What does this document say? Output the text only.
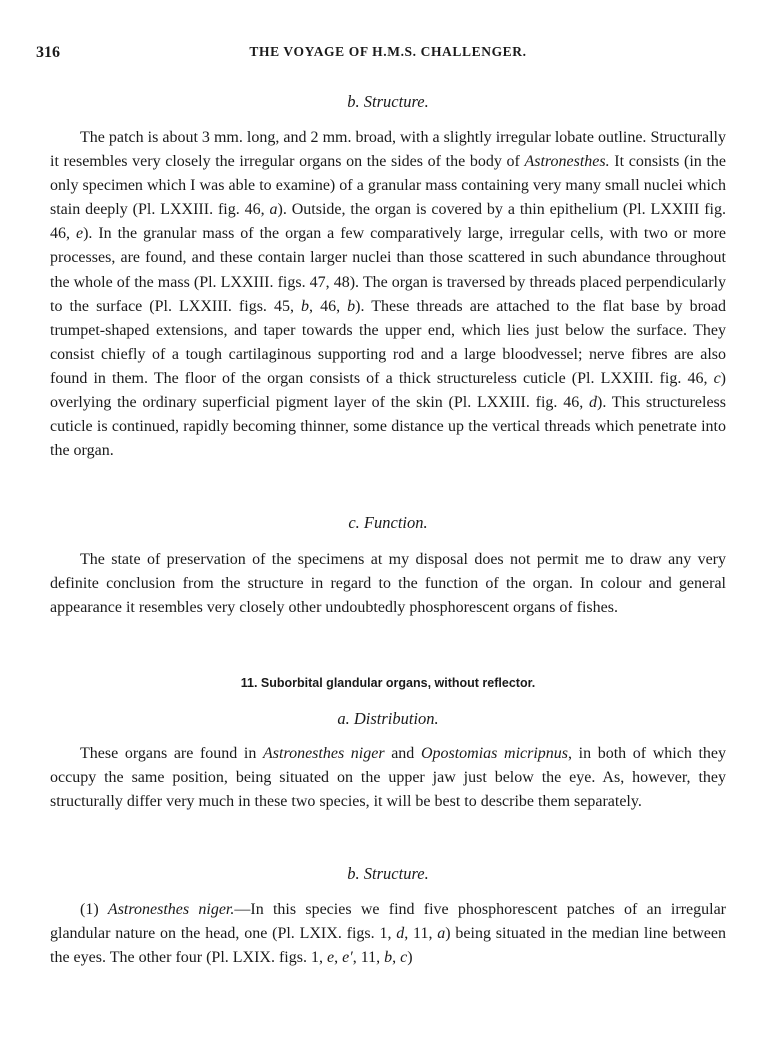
316	THE VOYAGE OF H.M.S. CHALLENGER.
b. Structure.

The patch is about 3 mm. long, and 2 mm. broad, with a slightly irregular lobate outline. Structurally it resembles very closely the irregular organs on the sides of the body of Astronesthes. It consists (in the only specimen which I was able to examine) of a granular mass containing very many small nuclei which stain deeply (Pl. LXXIII. fig. 46, a). Outside, the organ is covered by a thin epithelium (Pl. LXXIII fig. 46, e). In the granular mass of the organ a few comparatively large, irregular cells, with two or more processes, are found, and these contain larger nuclei than those scattered in such abundance throughout the whole of the mass (Pl. LXXIII. figs. 47, 48). The organ is traversed by threads placed perpendicularly to the surface (Pl. LXXIII. figs. 45, b, 46, b). These threads are attached to the flat base by broad trumpet-shaped extensions, and taper towards the upper end, which lies just below the surface. They consist chiefly of a tough cartilaginous supporting rod and a large bloodvessel; nerve fibres are also found in them. The floor of the organ consists of a thick structureless cuticle (Pl. LXXIII. fig. 46, c) overlying the ordinary superficial pigment layer of the skin (Pl. LXXIII. fig. 46, d). This structureless cuticle is continued, rapidly becoming thinner, some distance up the vertical threads which penetrate into the organ.

c. Function.

The state of preservation of the specimens at my disposal does not permit me to draw any very definite conclusion from the structure in regard to the function of the organ. In colour and general appearance it resembles very closely other undoubtedly phosphorescent organs of fishes.

11. Suborbital glandular organs, without reflector.
a. Distribution.

These organs are found in Astronesthes niger and Opostomias micripnus, in both of which they occupy the same position, being situated on the upper jaw just below the eye. As, however, they structurally differ very much in these two species, it will be best to describe them separately.

b. Structure.

(1) Astronesthes niger.—In this species we find five phosphorescent patches of an irregular glandular nature on the head, one (Pl. LXIX. figs. 1, d, 11, a) being situated in the median line between the eyes. The other four (Pl. LXIX. figs. 1, e, e′, 11, b, c)
